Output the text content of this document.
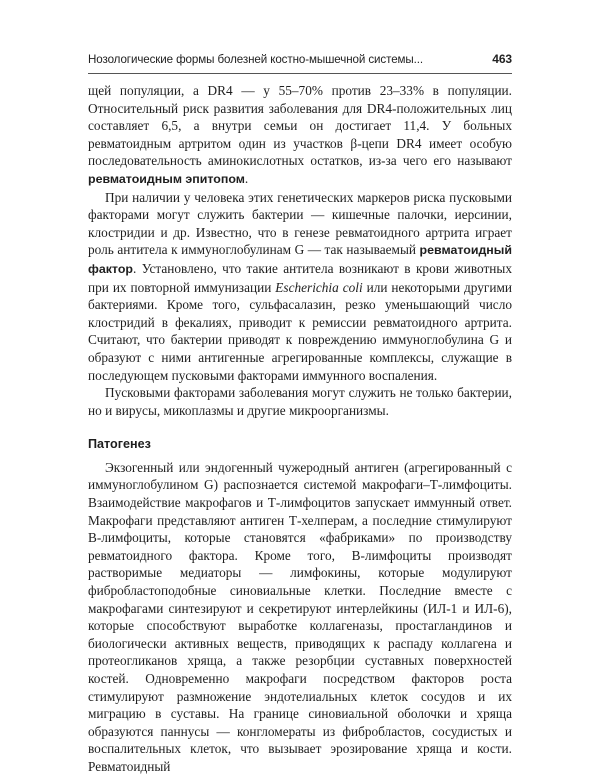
Нозологические формы болезней костно-мышечной системы...	463

щей популяции, а DR4 — у 55–70% против 23–33% в популяции. Относительный риск развития заболевания для DR4-положительных лиц составляет 6,5, а внутри семьи он достигает 11,4. У больных ревматоидным артритом один из участков β-цепи DR4 имеет особую последовательность аминокислотных остатков, из-за чего его называют ревматоидным эпитопом.

При наличии у человека этих генетических маркеров риска пусковыми факторами могут служить бактерии — кишечные палочки, иерсинии, клостридии и др. Известно, что в генезе ревматоидного артрита играет роль антитела к иммуноглобулинам G — так называемый ревматоидный фактор. Установлено, что такие антитела возникают в крови животных при их повторной иммунизации Escherichia coli или некоторыми другими бактериями. Кроме того, сульфасалазин, резко уменьшающий число клостридий в фекалиях, приводит к ремиссии ревматоидного артрита. Считают, что бактерии приводят к повреждению иммуноглобулина G и образуют с ними антигенные агрегированные комплексы, служащие в последующем пусковыми факторами иммунного воспаления.

Пусковыми факторами заболевания могут служить не только бактерии, но и вирусы, микоплазмы и другие микроорганизмы.

Патогенез

Экзогенный или эндогенный чужеродный антиген (агрегированный с иммуноглобулином G) распознается системой макрофаги–Т-лимфоциты. Взаимодействие макрофагов и Т-лимфоцитов запускает иммунный ответ. Макрофаги представляют антиген Т-хелперам, а последние стимулируют В-лимфоциты, которые становятся «фабриками» по производству ревматоидного фактора. Кроме того, В-лимфоциты производят растворимые медиаторы — лимфокины, которые модулируют фибробластоподобные синовиальные клетки. Последние вместе с макрофагами синтезируют и секретируют интерлейкины (ИЛ-1 и ИЛ-6), которые способствуют выработке коллагеназы, простагландинов и биологически активных веществ, приводящих к распаду коллагена и протеогликанов хряща, а также резорбции суставных поверхностей костей. Одновременно макрофаги посредством факторов роста стимулируют размножение эндотелиальных клеток сосудов и их миграцию в суставы. На границе синовиальной оболочки и хряща образуются паннусы — конгломераты из фибробластов, сосудистых и воспалительных клеток, что вызывает эрозирование хряща и кости. Ревматоидный
